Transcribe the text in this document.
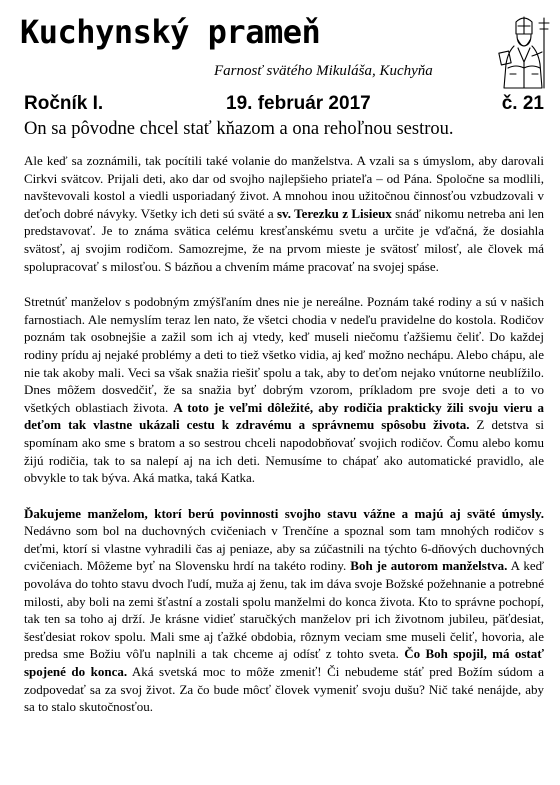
Kuchynský prameň
Farnosť svätého Mikuláša, Kuchyňa
Ročník I.	19. február 2017	č. 21
On sa pôvodne chcel stať kňazom a ona rehoľnou sestrou.

Ale keď sa zoznámili, tak pocítili také volanie do manželstva. A vzali sa s úmyslom, aby darovali Cirkvi svätcov. Prijali deti, ako dar od svojho najlepšieho priateľa – od Pána. Spoločne sa modlili, navštevovali kostol a viedli usporiadaný život. A mnohou inou užitočnou činnosťou vzbudzovali v deťoch dobré návyky. Všetky ich deti sú sväté a sv. Terezku z Lisieux snáď nikomu netreba ani len predstavovať. Je to známa svätica celému kresťanskému svetu a určite je vďačná, že dosiahla svätosť, aj svojim rodičom. Samozrejme, že na prvom mieste je svätosť milosť, ale človek má spolupracovať s milosťou. S bázňou a chvením máme pracovať na svojej spáse.

Stretnúť manželov s podobným zmýšľaním dnes nie je nereálne. Poznám také rodiny a sú v našich farnostiach. Ale nemyslím teraz len nato, že všetci chodia v nedeľu pravidelne do kostola. Rodičov poznám tak osobnejšie a zažil som ich aj vtedy, keď museli niečomu ťažšiemu čeliť. Do každej rodiny prídu aj nejaké problémy a deti to tiež všetko vidia, aj keď možno nechápu. Alebo chápu, ale nie tak akoby mali. Veci sa však snažia riešiť spolu a tak, aby to deťom nejako vnútorne neublížilo. Dnes môžem dosvedčiť, že sa snažia byť dobrým vzorom, príkladom pre svoje deti a to vo všetkých oblastiach života. A toto je veľmi dôležité, aby rodičia prakticky žili svoju vieru a deťom tak vlastne ukázali cestu k zdravému a správnemu spôsobu života. Z detstva si spomínam ako sme s bratom a so sestrou chceli napodobňovať svojich rodičov. Čomu alebo komu žijú rodičia, tak to sa nalepí aj na ich deti. Nemusíme to chápať ako automatické pravidlo, ale obvykle to tak býva. Aká matka, taká Katka.

Ďakujeme manželom, ktorí berú povinnosti svojho stavu vážne a majú aj sväté úmysly. Nedávno som bol na duchovných cvičeniach v Trenčíne a spoznal som tam mnohých rodičov s deťmi, ktorí si vlastne vyhradili čas aj peniaze, aby sa zúčastnili na týchto 6-dňových duchovných cvičeniach. Môžeme byť na Slovensku hrdí na takéto rodiny. Boh je autorom manželstva. A keď povoláva do tohto stavu dvoch ľudí, muža aj ženu, tak im dáva svoje Božské požehnanie a potrebné milosti, aby boli na zemi šťastní a zostali spolu manželmi do konca života. Kto to správne pochopí, tak ten sa toho aj drží. Je krásne vidieť staručkých manželov pri ich životnom jubileu, päťdesiat, šesťdesiat rokov spolu. Mali sme aj ťažké obdobia, rôznym veciam sme museli čeliť, hovoria, ale predsa sme Božiu vôľu naplnili a tak chceme aj odísť z tohto sveta. Čo Boh spojil, má ostať spojené do konca. Aká svetská moc to môže zmeniť! Či nebudeme stáť pred Božím súdom a zodpovedať sa za svoj život. Za čo bude môcť človek vymeniť svoju dušu? Nič také nenájde, aby sa to stalo skutočnosťou.
